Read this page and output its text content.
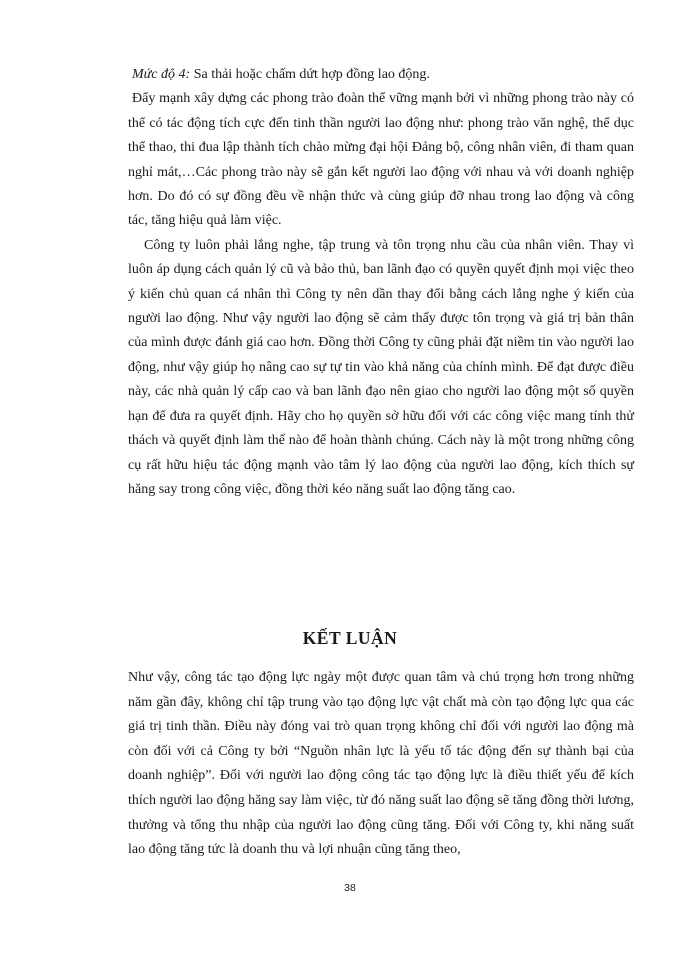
Mức độ 4: Sa thải hoặc chấm dứt hợp đồng lao động.

Đẩy mạnh xây dựng các phong trào đoàn thể vững mạnh bởi vì những phong trào này có thể có tác động tích cực đến tinh thần người lao động như: phong trào văn nghệ, thể dục thể thao, thi đua lập thành tích chào mừng đại hội Đảng bộ, công nhân viên, đi tham quan nghỉ mát,…Các phong trào này sẽ gắn kết người lao động với nhau và với doanh nghiệp hơn. Do đó có sự đồng đều về nhận thức và cùng giúp đỡ nhau trong lao động và công tác, tăng hiệu quả làm việc.

Công ty luôn phải lắng nghe, tập trung và tôn trọng nhu cầu của nhân viên. Thay vì luôn áp dụng cách quản lý cũ và bảo thủ, ban lãnh đạo có quyền quyết định mọi việc theo ý kiến chủ quan cá nhân thì Công ty nên dần thay đổi bằng cách lắng nghe ý kiến của người lao động. Như vậy người lao động sẽ cảm thấy được tôn trọng và giá trị bản thân của mình được đánh giá cao hơn. Đồng thời Công ty cũng phải đặt niềm tin vào người lao động, như vậy giúp họ nâng cao sự tự tin vào khả năng của chính mình. Để đạt được điều này, các nhà quản lý cấp cao và ban lãnh đạo nên giao cho người lao động một số quyền hạn để đưa ra quyết định. Hãy cho họ quyền sở hữu đối với các công việc mang tính thử thách và quyết định làm thế nào để hoàn thành chúng. Cách này là một trong những công cụ rất hữu hiệu tác động mạnh vào tâm lý lao động của người lao động, kích thích sự hăng say trong công việc, đồng thời kéo năng suất lao động tăng cao.

KẾT LUẬN

Như vậy, công tác tạo động lực ngày một được quan tâm và chú trọng hơn trong những năm gần đây, không chỉ tập trung vào tạo động lực vật chất mà còn tạo động lực qua các giá trị tinh thần. Điều này đóng vai trò quan trọng không chỉ đối với người lao động mà còn đối với cả Công ty bởi “Nguồn nhân lực là yếu tố tác động đến sự thành bại của doanh nghiệp”. Đối với người lao động công tác tạo động lực là điều thiết yếu để kích thích người lao động hăng say làm việc, từ đó năng suất lao động sẽ tăng đồng thời lương, thưởng và tổng thu nhập của người lao động cũng tăng. Đối với Công ty, khi năng suất lao động tăng tức là doanh thu và lợi nhuận cũng tăng theo,

38
